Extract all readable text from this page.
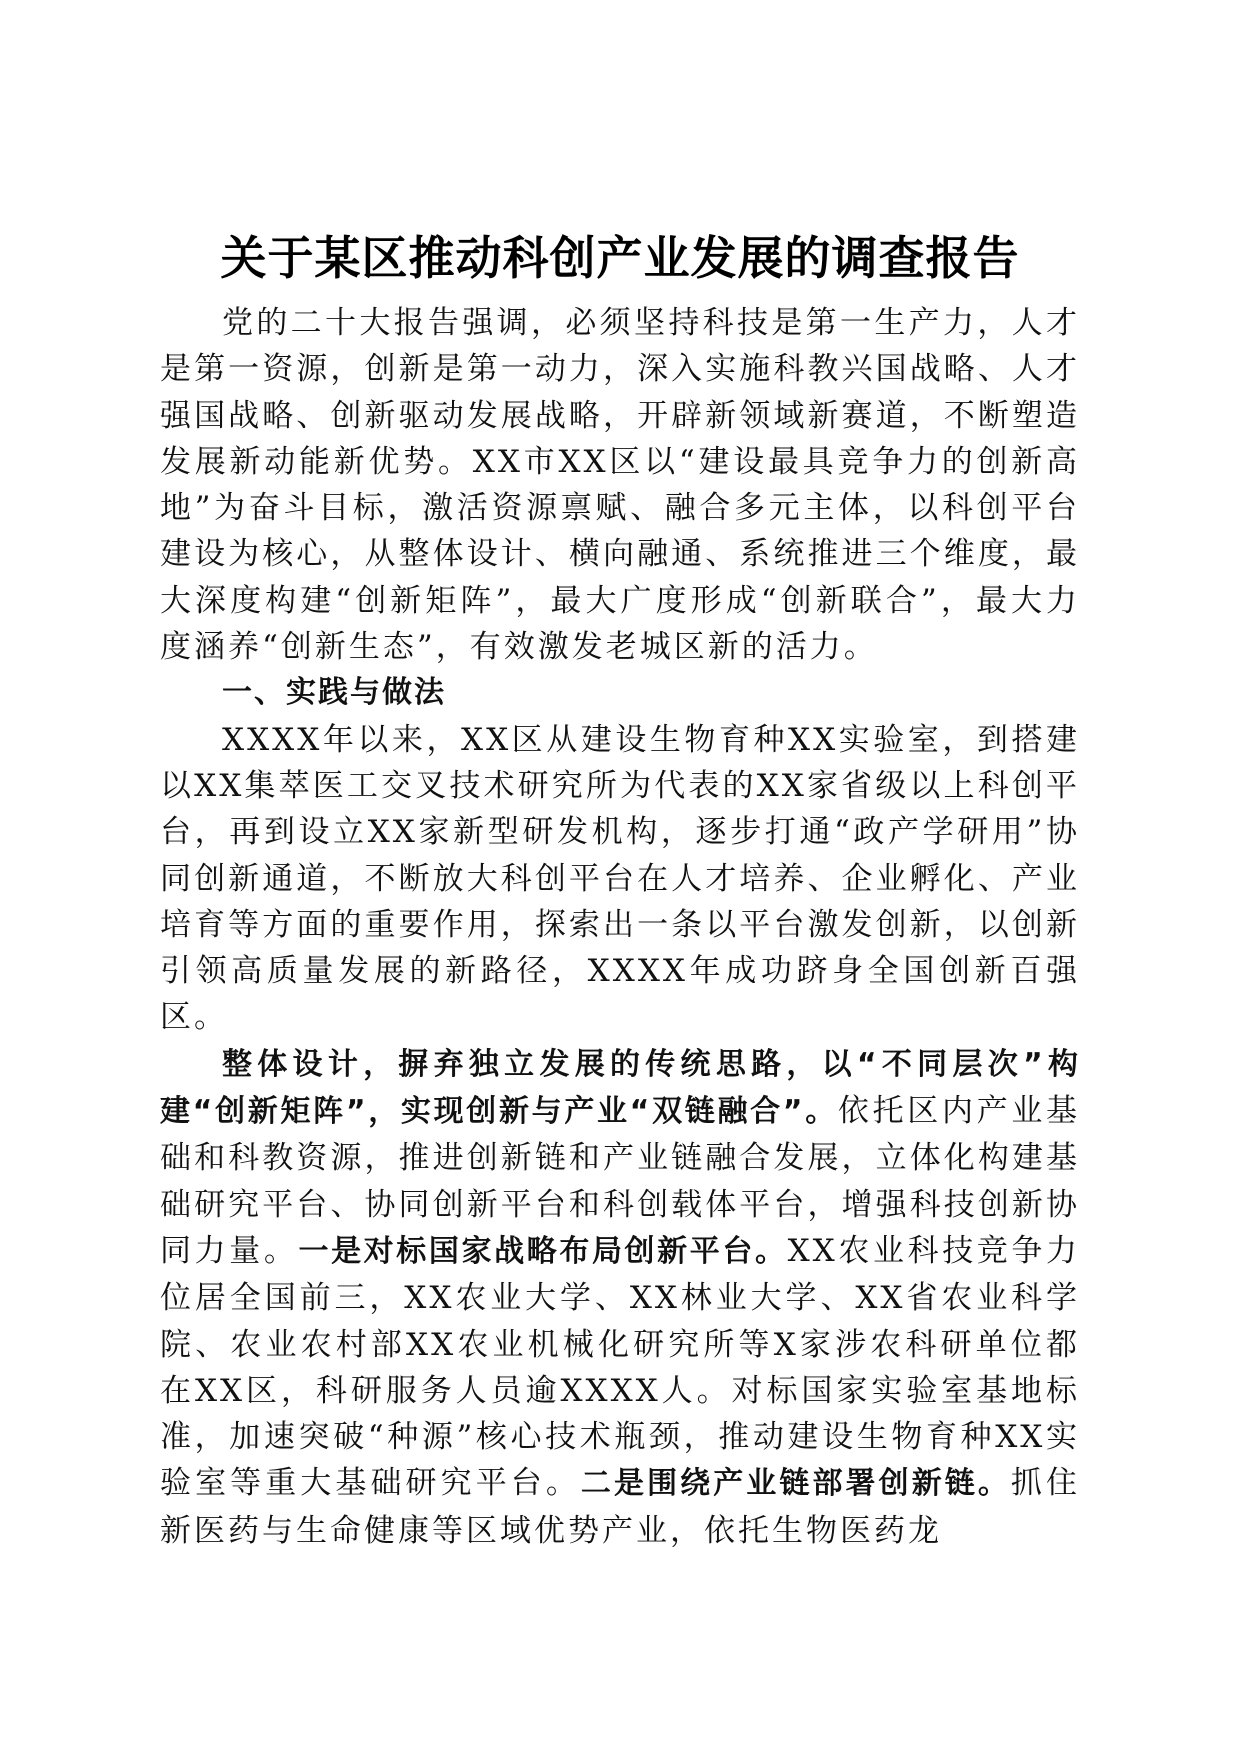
关于某区推动科创产业发展的调查报告

党的二十大报告强调，必须坚持科技是第一生产力，人才是第一资源，创新是第一动力，深入实施科教兴国战略、人才强国战略、创新驱动发展战略，开辟新领域新赛道，不断塑造发展新动能新优势。XX市XX区以“建设最具竞争力的创新高地”为奋斗目标，激活资源禀赋、融合多元主体，以科创平台建设为核心，从整体设计、横向融通、系统推进三个维度，最大深度构建“创新矩阵”，最大广度形成“创新联合”，最大力度涵养“创新生态”，有效激发老城区新的活力。

一、实践与做法

XXXX年以来，XX区从建设生物育种XX实验室，到搭建以XX集萃医工交叉技术研究所为代表的XX家省级以上科创平台，再到设立XX家新型研发机构，逐步打通“政产学研用”协同创新通道，不断放大科创平台在人才培养、企业孵化、产业培育等方面的重要作用，探索出一条以平台激发创新，以创新引领高质量发展的新路径，XXXX年成功跻身全国创新百强区。

整体设计，摒弃独立发展的传统思路，以“不同层次”构建“创新矩阵”，实现创新与产业“双链融合”。依托区内产业基础和科教资源，推进创新链和产业链融合发展，立体化构建基础研究平台、协同创新平台和科创载体平台，增强科技创新协同力量。一是对标国家战略布局创新平台。XX农业科技竞争力位居全国前三，XX农业大学、XX林业大学、XX省农业科学院、农业农村部XX农业机械化研究所等X家涉农科研单位都在XX区，科研服务人员逾XXXX人。对标国家实验室基地标准，加速突破“种源”核心技术瓶颈，推动建设生物育种XX实验室等重大基础研究平台。二是围绕产业链部署创新链。抓住新医药与生命健康等区域优势产业，依托生物医药龙
